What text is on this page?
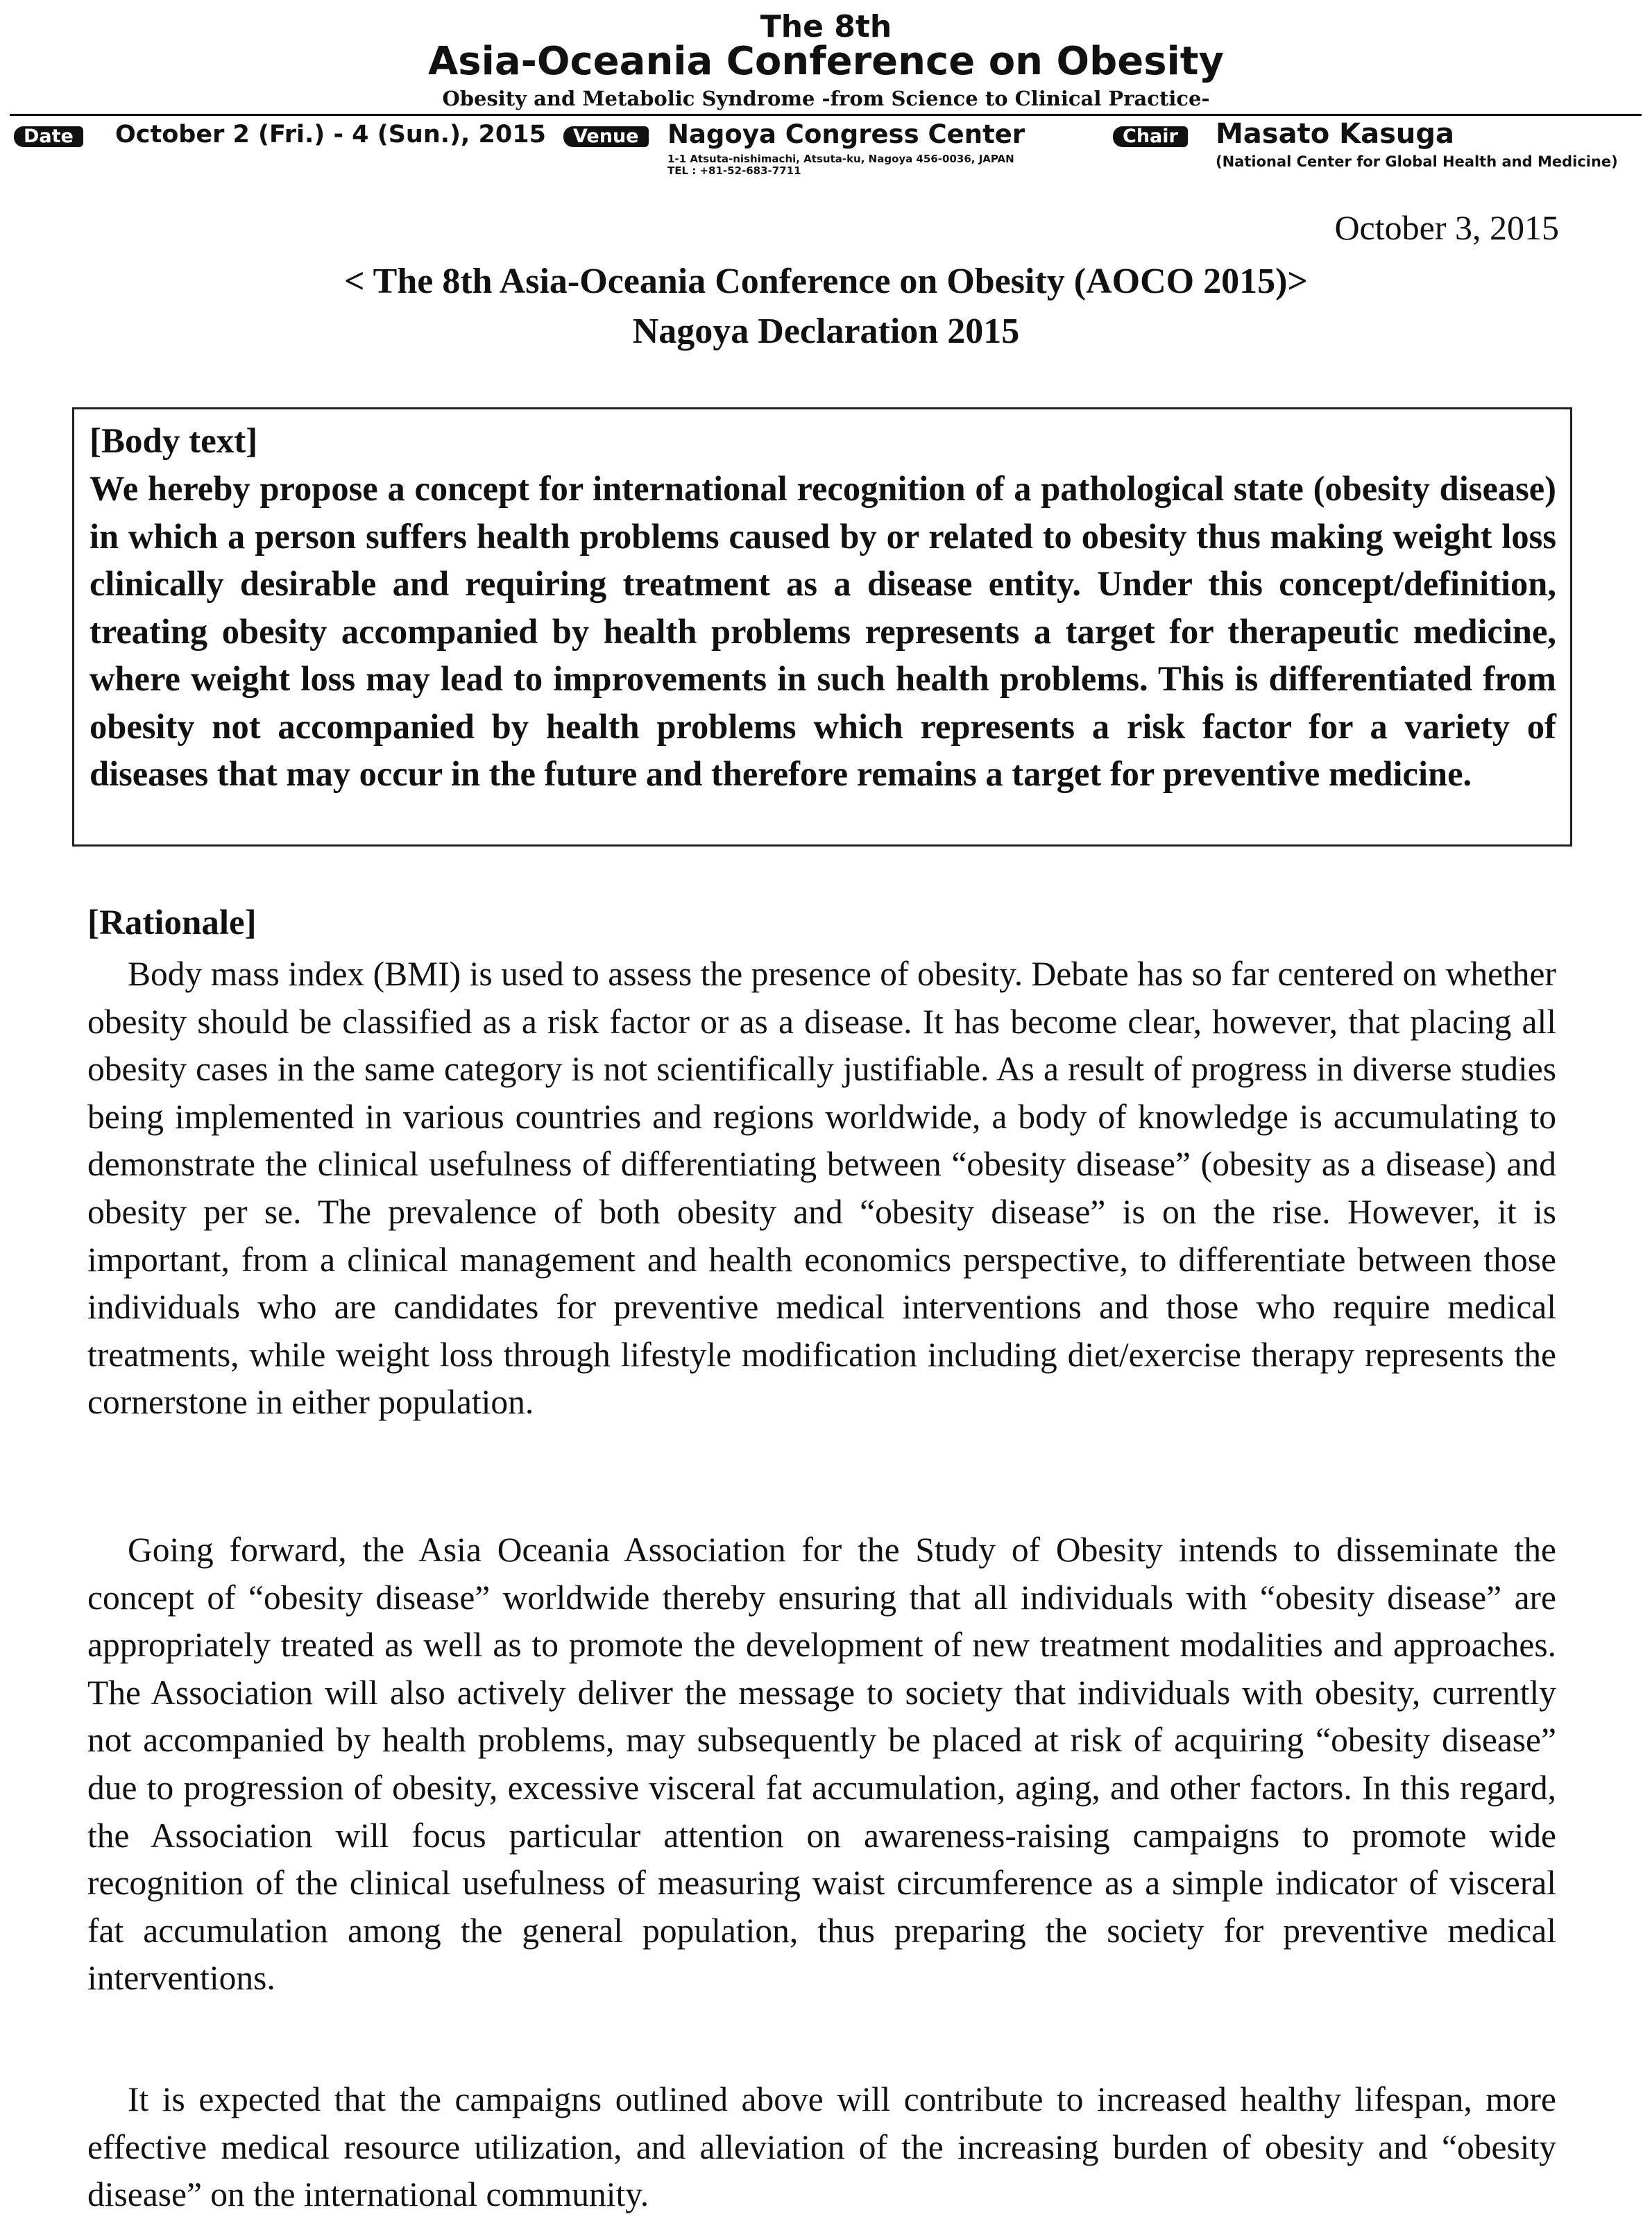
The 8th
Asia-Oceania Conference on Obesity
Obesity and Metabolic Syndrome -from Science to Clinical Practice-
Date	October 2 (Fri.) - 4 (Sun.), 2015	Venue	Nagoya Congress Center
1-1 Atsuta-nishimachi, Atsuta-ku, Nagoya 456-0036, JAPAN
TEL : +81-52-683-7711
Chair	Masato Kasuga
(National Center for Global Health and Medicine)
October 3, 2015
< The 8th Asia-Oceania Conference on Obesity (AOCO 2015)>
Nagoya Declaration 2015
[Body text]
We hereby propose a concept for international recognition of a pathological state (obesity disease) in which a person suffers health problems caused by or related to obesity thus making weight loss clinically desirable and requiring treatment as a disease entity. Under this concept/definition, treating obesity accompanied by health problems represents a target for therapeutic medicine, where weight loss may lead to improvements in such health problems. This is differentiated from obesity not accompanied by health problems which represents a risk factor for a variety of diseases that may occur in the future and therefore remains a target for preventive medicine.
[Rationale]
Body mass index (BMI) is used to assess the presence of obesity. Debate has so far centered on whether obesity should be classified as a risk factor or as a disease. It has become clear, however, that placing all obesity cases in the same category is not scientifically justifiable. As a result of progress in diverse studies being implemented in various countries and regions worldwide, a body of knowledge is accumulating to demonstrate the clinical usefulness of differentiating between “obesity disease” (obesity as a disease) and obesity per se. The prevalence of both obesity and “obesity disease” is on the rise. However, it is important, from a clinical management and health economics perspective, to differentiate between those individuals who are candidates for preventive medical interventions and those who require medical treatments, while weight loss through lifestyle modification including diet/exercise therapy represents the cornerstone in either population.
Going forward, the Asia Oceania Association for the Study of Obesity intends to disseminate the concept of “obesity disease” worldwide thereby ensuring that all individuals with “obesity disease” are appropriately treated as well as to promote the development of new treatment modalities and approaches. The Association will also actively deliver the message to society that individuals with obesity, currently not accompanied by health problems, may subsequently be placed at risk of acquiring “obesity disease” due to progression of obesity, excessive visceral fat accumulation, aging, and other factors. In this regard, the Association will focus particular attention on awareness-raising campaigns to promote wide recognition of the clinical usefulness of measuring waist circumference as a simple indicator of visceral fat accumulation among the general population, thus preparing the society for preventive medical interventions.
It is expected that the campaigns outlined above will contribute to increased healthy lifespan, more effective medical resource utilization, and alleviation of the increasing burden of obesity and “obesity disease” on the international community.
